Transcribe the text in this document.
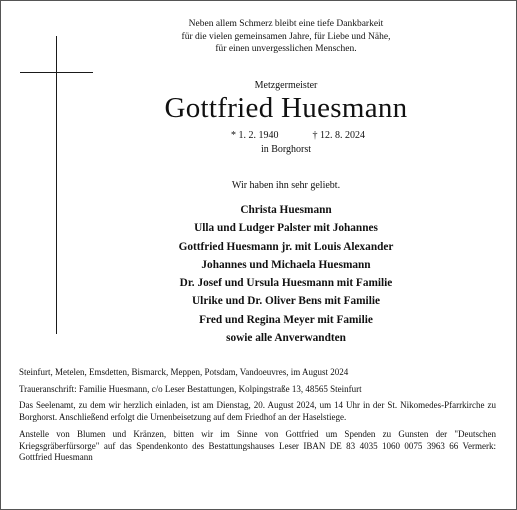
Neben allem Schmerz bleibt eine tiefe Dankbarkeit
für die vielen gemeinsamen Jahre, für Liebe und Nähe,
für einen unvergesslichen Menschen.
Metzgermeister
Gottfried Huesmann
* 1. 2. 1940	† 12. 8. 2024
in Borghorst
Wir haben ihn sehr geliebt.
Christa Huesmann
Ulla und Ludger Palster mit Johannes
Gottfried Huesmann jr. mit Louis Alexander
Johannes und Michaela Huesmann
Dr. Josef und Ursula Huesmann mit Familie
Ulrike und Dr. Oliver Bens mit Familie
Fred und Regina Meyer mit Familie
sowie alle Anverwandten

Steinfurt, Metelen, Emsdetten, Bismarck, Meppen, Potsdam, Vandoeuvres, im August 2024

Traueranschrift: Familie Huesmann, c/o Leser Bestattungen, Kolpingstraße 13, 48565 Steinfurt

Das Seelenamt, zu dem wir herzlich einladen, ist am Dienstag, 20. August 2024, um 14 Uhr in der St. Nikomedes-Pfarrkirche zu Borghorst. Anschließend erfolgt die Urnenbeisetzung auf dem Friedhof an der Haselstiege.

Anstelle von Blumen und Kränzen, bitten wir im Sinne von Gottfried um Spenden zu Gunsten der "Deutschen Kriegsgräberfürsorge" auf das Spendenkonto des Bestattungshauses Leser IBAN DE 83 4035 1060 0075 3963 66 Vermerk: Gottfried Huesmann
